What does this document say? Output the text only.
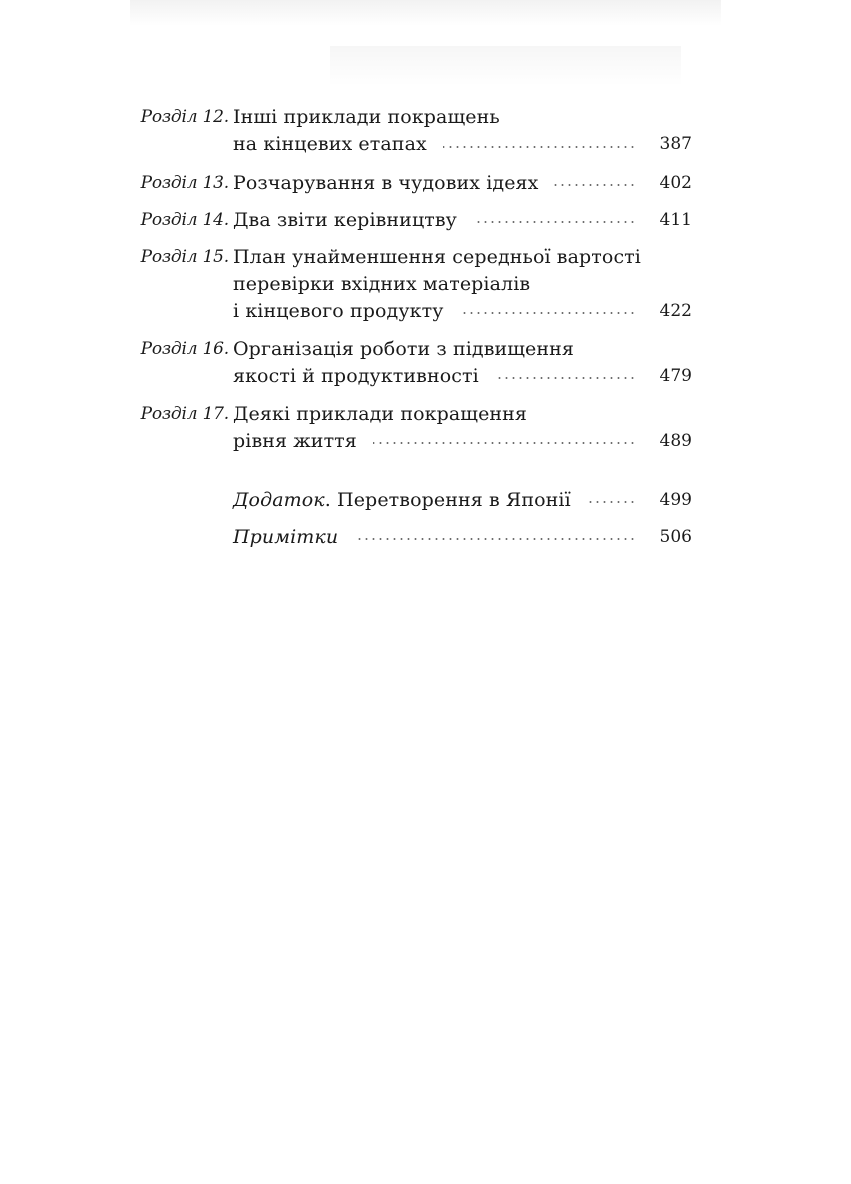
Розділ 12. Інші приклади покращень
на кінцевих етапах	387
Розділ 13. Розчарування в чудових ідеях	402
Розділ 14. Два звіти керівництву	411
Розділ 15. План унайменшення середньої вартості
перевірки вхідних матеріалів
і кінцевого продукту	422
Розділ 16. Організація роботи з підвищення
якості й продуктивності	479
Розділ 17. Деякі приклади покращення
рівня життя	489
Додаток. Перетворення в Японії	499
Примітки	506
